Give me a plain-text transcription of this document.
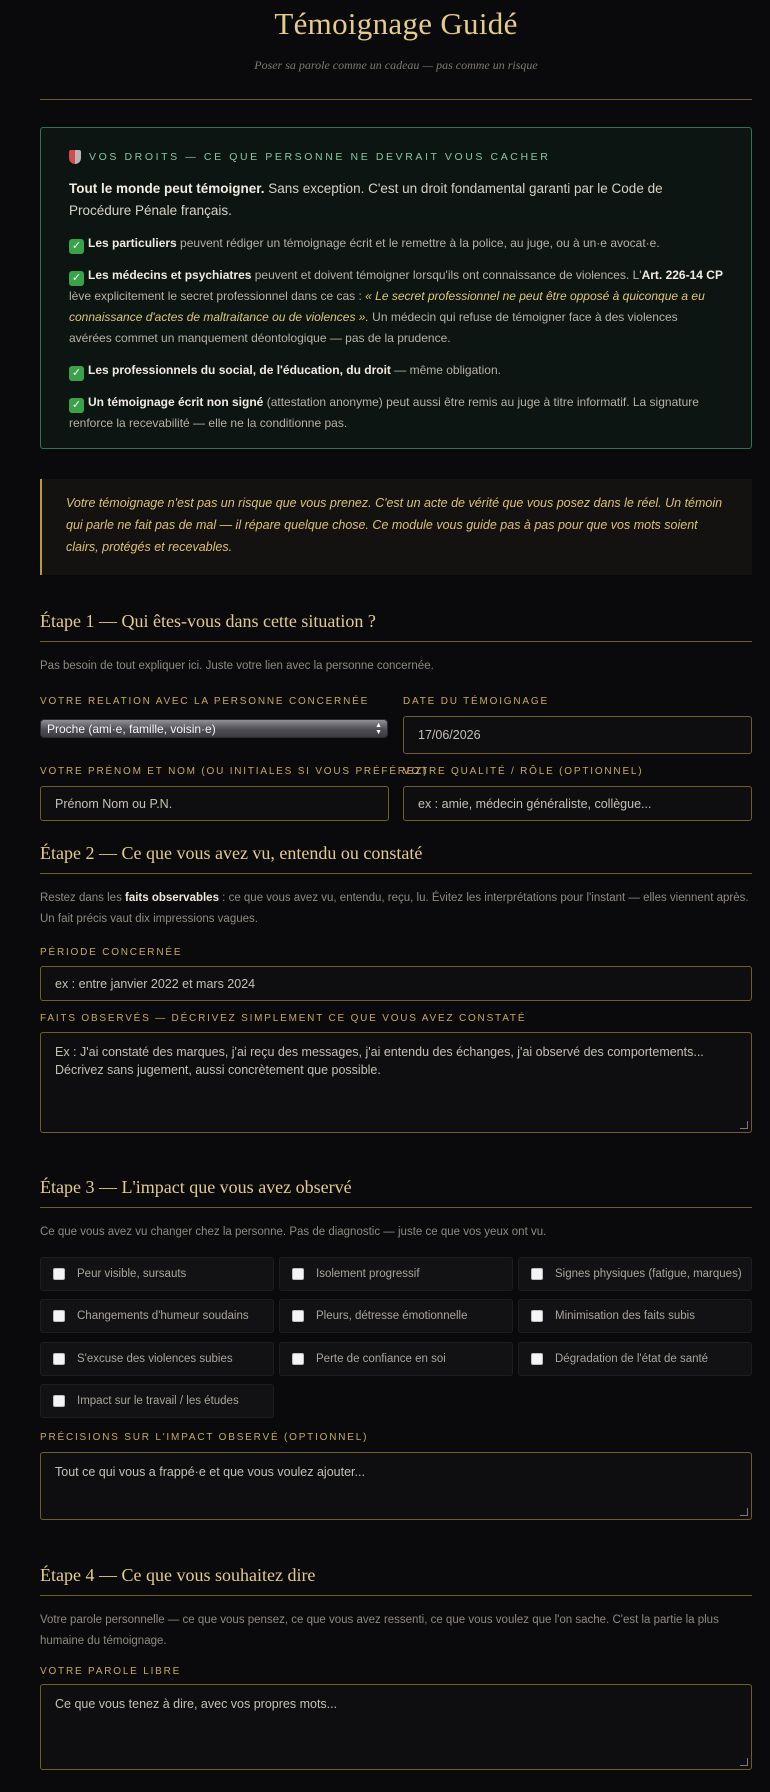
Témoignage Guidé
Poser sa parole comme un cadeau — pas comme un risque
VOS DROITS — CE QUE PERSONNE NE DEVRAIT VOUS CACHER
Tout le monde peut témoigner. Sans exception. C'est un droit fondamental garanti par le Code de Procédure Pénale français.
✓ Les particuliers peuvent rédiger un témoignage écrit et le remettre à la police, au juge, ou à un·e avocat·e.
✓ Les médecins et psychiatres peuvent et doivent témoigner lorsqu'ils ont connaissance de violences. L'Art. 226-14 CP lève explicitement le secret professionnel dans ce cas : « Le secret professionnel ne peut être opposé à quiconque a eu connaissance d'actes de maltraitance ou de violences ». Un médecin qui refuse de témoigner face à des violences avérées commet un manquement déontologique — pas de la prudence.
✓ Les professionnels du social, de l'éducation, du droit — même obligation.
✓ Un témoignage écrit non signé (attestation anonyme) peut aussi être remis au juge à titre informatif. La signature renforce la recevabilité — elle ne la conditionne pas.
Votre témoignage n'est pas un risque que vous prenez. C'est un acte de vérité que vous posez dans le réel. Un témoin qui parle ne fait pas de mal — il répare quelque chose. Ce module vous guide pas à pas pour que vos mots soient clairs, protégés et recevables.
Étape 1 — Qui êtes-vous dans cette situation ?
Pas besoin de tout expliquer ici. Juste votre lien avec la personne concernée.
VOTRE RELATION AVEC LA PERSONNE CONCERNÉE
Proche (ami·e, famille, voisin·e)	▲
▼
DATE DU TÉMOIGNAGE
17/06/2026
VOTRE PRÉNOM ET NOM (OU INITIALES SI VOUS PRÉFÉREZ)
Prénom Nom ou P.N.
VOTRE QUALITÉ / RÔLE (OPTIONNEL)
ex : amie, médecin généraliste, collègue...
Étape 2 — Ce que vous avez vu, entendu ou constaté
Restez dans les faits observables : ce que vous avez vu, entendu, reçu, lu. Évitez les interprétations pour l'instant — elles viennent après. Un fait précis vaut dix impressions vagues.
PÉRIODE CONCERNÉE
ex : entre janvier 2022 et mars 2024
FAITS OBSERVÉS — DÉCRIVEZ SIMPLEMENT CE QUE VOUS AVEZ CONSTATÉ
Ex : J'ai constaté des marques, j'ai reçu des messages, j'ai entendu des échanges, j'ai observé des comportements... Décrivez sans jugement, aussi concrètement que possible.
Étape 3 — L'impact que vous avez observé
Ce que vous avez vu changer chez la personne. Pas de diagnostic — juste ce que vos yeux ont vu.
Peur visible, sursauts	Isolement progressif	Signes physiques (fatigue, marques)
Changements d'humeur soudains	Pleurs, détresse émotionnelle	Minimisation des faits subis
S'excuse des violences subies	Perte de confiance en soi	Dégradation de l'état de santé
Impact sur le travail / les études
PRÉCISIONS SUR L'IMPACT OBSERVÉ (OPTIONNEL)
Tout ce qui vous a frappé·e et que vous voulez ajouter...
Étape 4 — Ce que vous souhaitez dire
Votre parole personnelle — ce que vous pensez, ce que vous avez ressenti, ce que vous voulez que l'on sache. C'est la partie la plus humaine du témoignage.
VOTRE PAROLE LIBRE
Ce que vous tenez à dire, avec vos propres mots...
